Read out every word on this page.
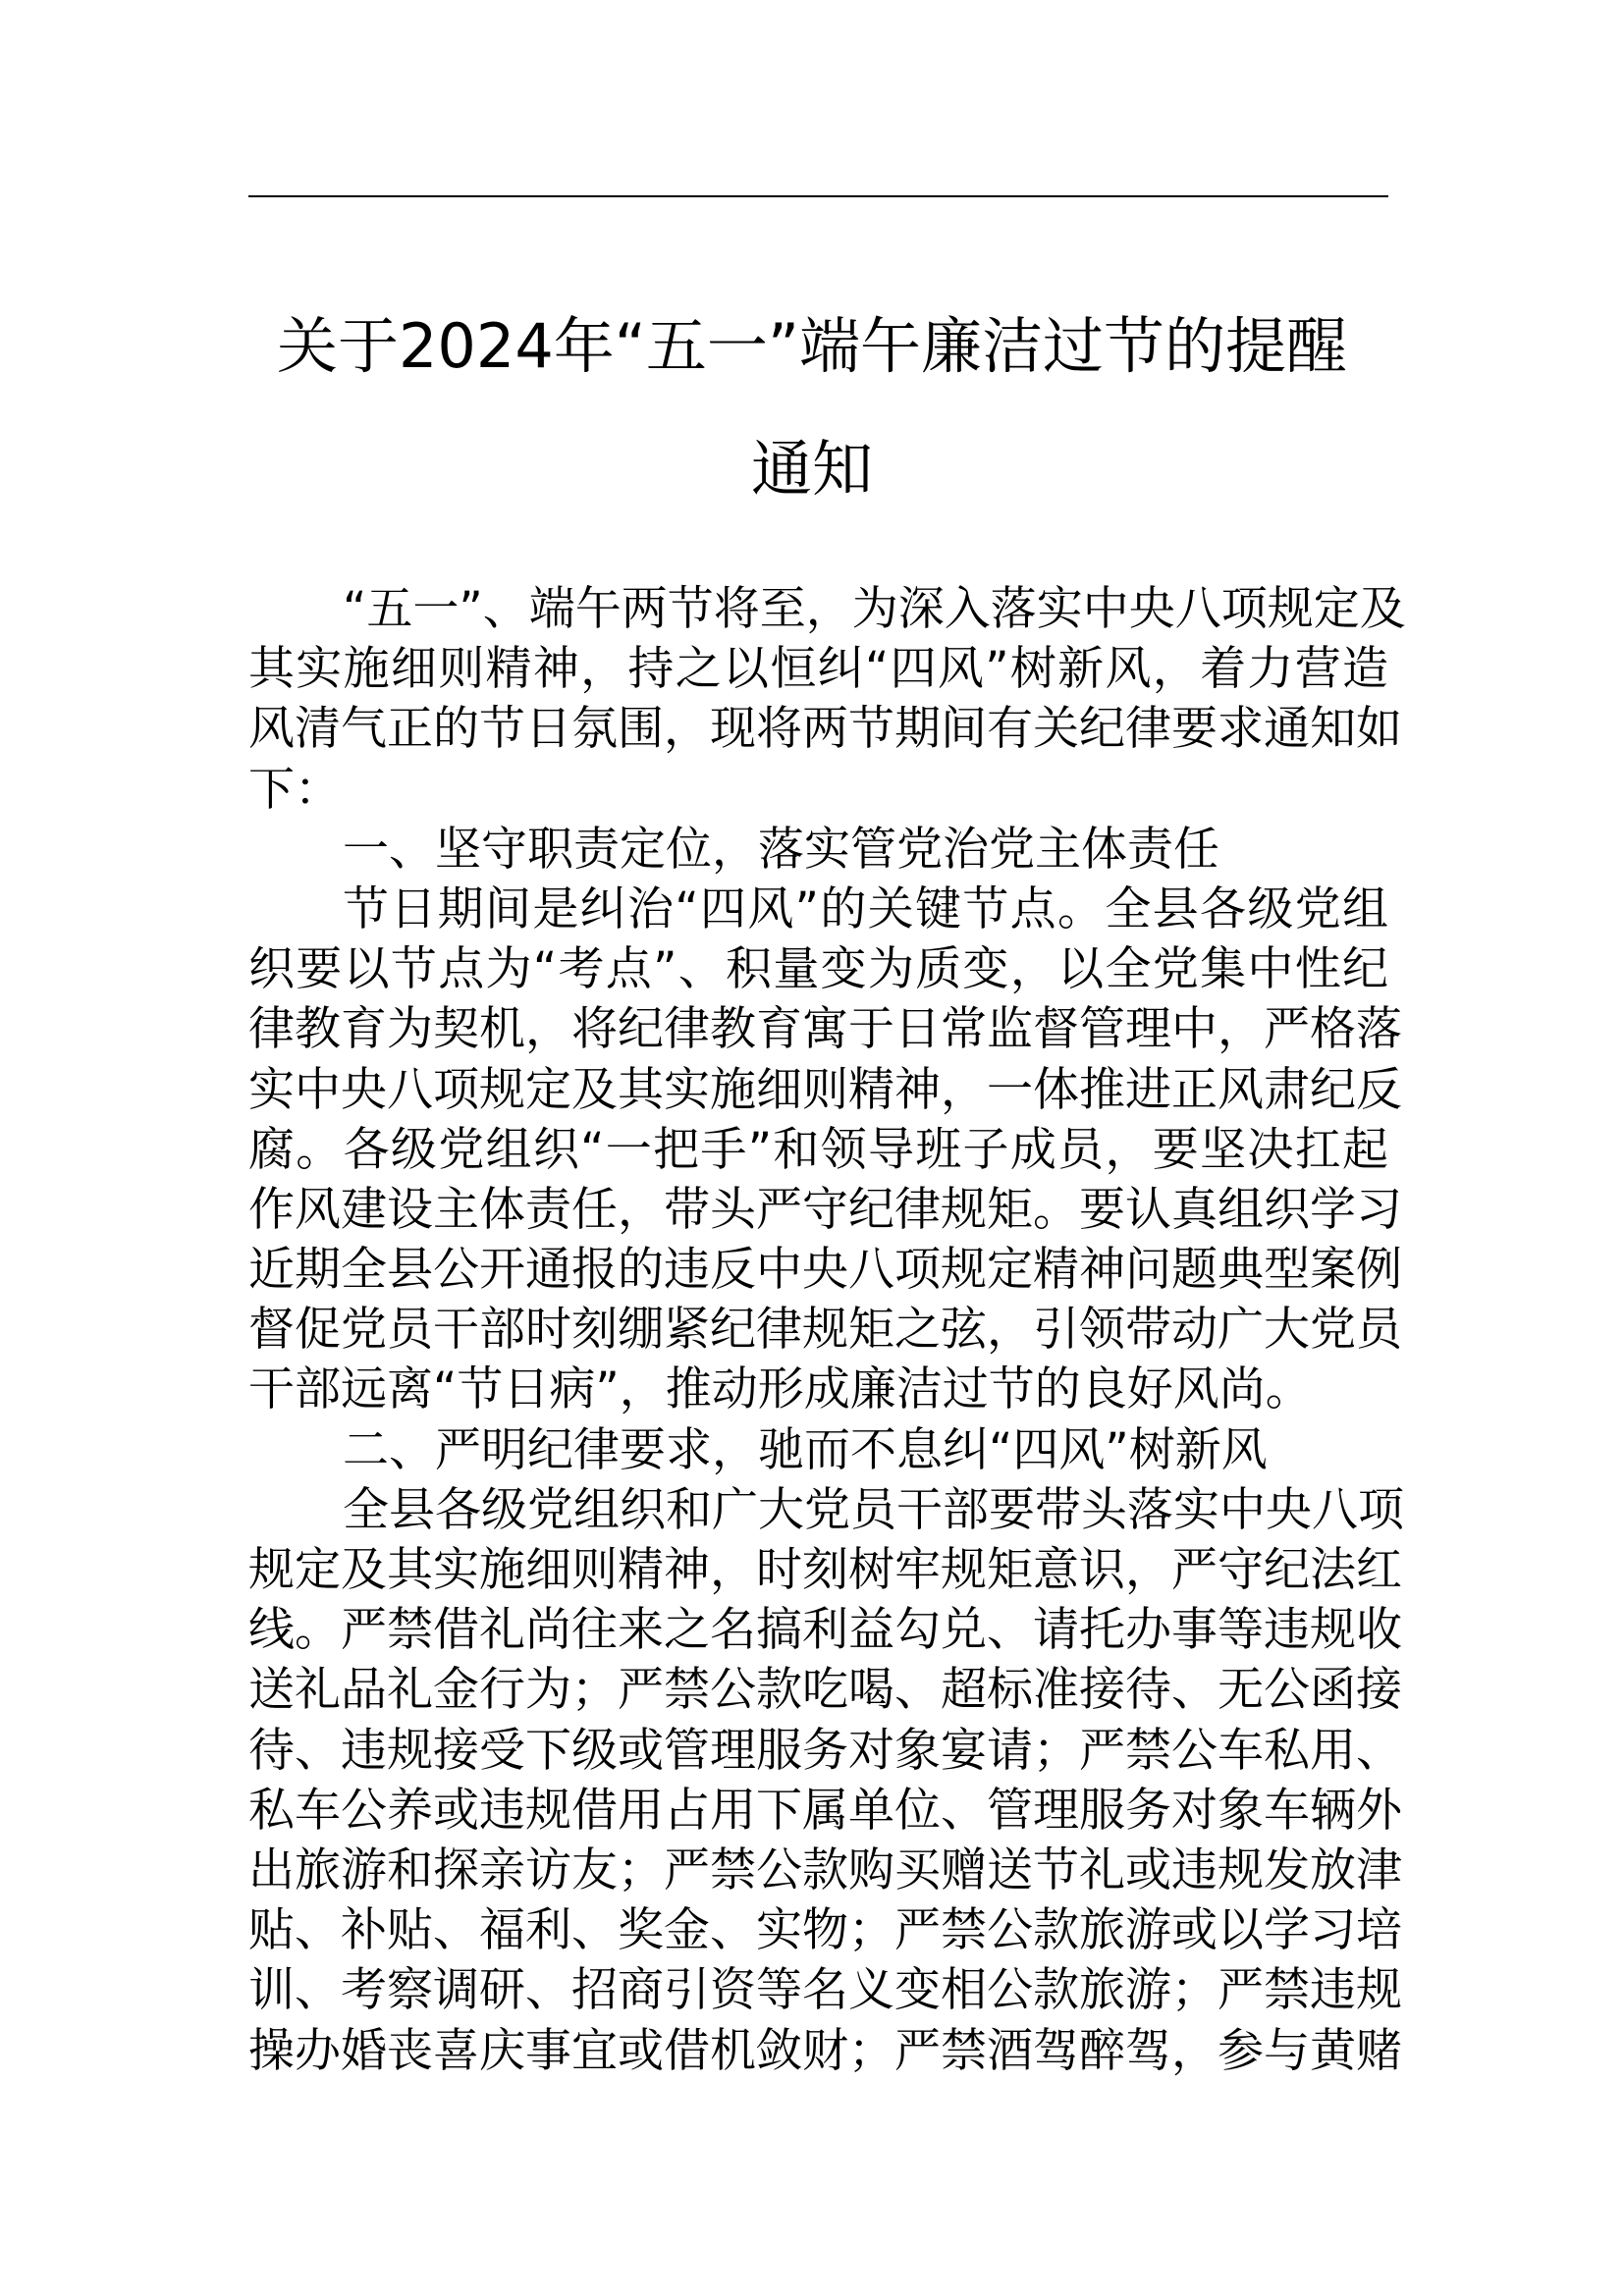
关于2024年“五一”端午廉洁过节的提醒
通知
“五一”、端午两节将至，为深入落实中央八项规定及
其实施细则精神，持之以恒纠“四风”树新风，着力营造
风清气正的节日氛围，现将两节期间有关纪律要求通知如
下：
一、坚守职责定位，落实管党治党主体责任
节日期间是纠治“四风”的关键节点。全县各级党组
织要以节点为“考点”、积量变为质变，以全党集中性纪
律教育为契机，将纪律教育寓于日常监督管理中，严格落
实中央八项规定及其实施细则精神，一体推进正风肃纪反
腐。各级党组织“一把手”和领导班子成员，要坚决扛起
作风建设主体责任，带头严守纪律规矩。要认真组织学习
近期全县公开通报的违反中央八项规定精神问题典型案例
督促党员干部时刻绷紧纪律规矩之弦，引领带动广大党员
干部远离“节日病”，推动形成廉洁过节的良好风尚。
二、严明纪律要求，驰而不息纠“四风”树新风
全县各级党组织和广大党员干部要带头落实中央八项
规定及其实施细则精神，时刻树牢规矩意识，严守纪法红
线。严禁借礼尚往来之名搞利益勾兑、请托办事等违规收
送礼品礼金行为；严禁公款吃喝、超标准接待、无公函接
待、违规接受下级或管理服务对象宴请；严禁公车私用、
私车公养或违规借用占用下属单位、管理服务对象车辆外
出旅游和探亲访友；严禁公款购买赠送节礼或违规发放津
贴、补贴、福利、奖金、实物；严禁公款旅游或以学习培
训、考察调研、招商引资等名义变相公款旅游；严禁违规
操办婚丧喜庆事宜或借机敛财；严禁酒驾醉驾，参与黄赌
